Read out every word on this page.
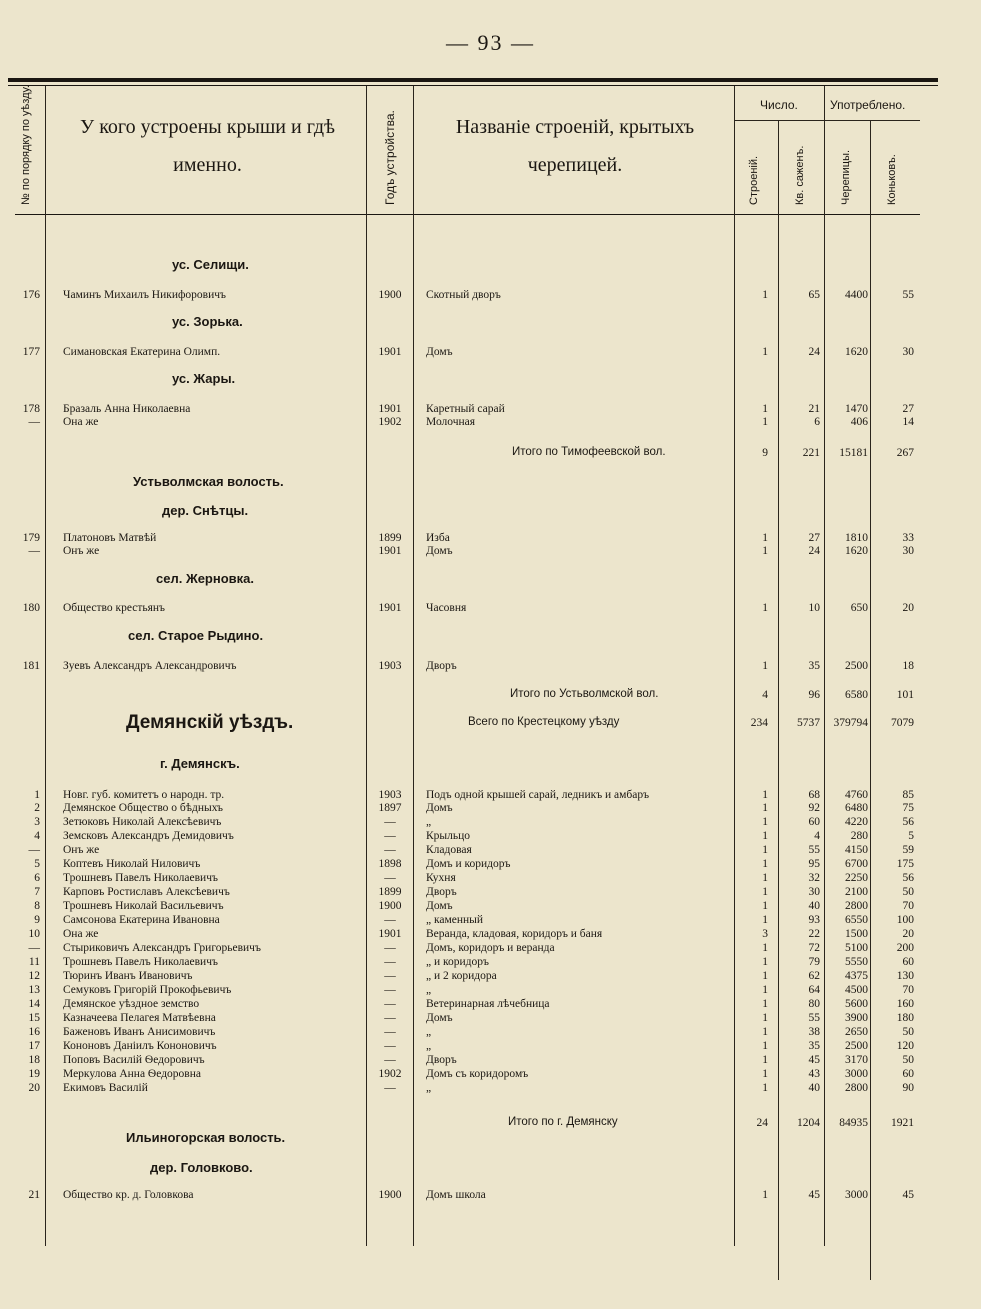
— 93 —
№ по порядку по уѣзду.	У кого устроены крыши и гдѣ именно.	Годъ устройства.	Названіе строеній, крытыхъ черепицей.
Число.	Употреблено.
Строеній.	Кв. саженъ.	Черепицы.	Коньковъ.
ус. Селищи.
ус. Зорька.
ус. Жары.
Устьволмская волость.
дер. Снѣтцы.
сел. Жерновка.
сел. Старое Рыдино.
Демянскій уѣздъ.
г. Демянскъ.
Ильиногорская волость.
дер. Головково.
176 Чаминъ Михаилъ Никифоровичъ	1900	Скотный дворъ	1	65	4400	55
177 Симановская Екатерина Олимп.	1901	Домъ	1	24	1620	30
178 Бразаль Анна Николаевна	1901	Каретный сарай	1	21	1470	27
— Она же	1902	Молочная	1	6	406	14
179 Платоновъ Матвѣй	1899	Изба	1	27	1810	33
— Онъ же	1901	Домъ	1	24	1620	30
180 Общество крестьянъ	1901	Часовня	1	10	650	20
181 Зуевъ Александръ Александровичъ	1903	Дворъ	1	35	2500	18
1 Новг. губ. комитетъ о народн. тр.	1903	Подъ одной крышей сарай, ледникъ и амбаръ	1	68	4760	85
2 Демянское Общество о бѣдныхъ	1897	Домъ	1	92	6480	75
3 Зетюковъ Николай Алексѣевичъ	—	„	1	60	4220	56
4 Земсковъ Александръ Демидовичъ	—	Крыльцо	1	4	280	5
— Онъ же	—	Кладовая	1	55	4150	59
5 Коптевъ Николай Ниловичъ	1898	Домъ и коридоръ	1	95	6700	175
6 Трошневъ Павелъ Николаевичъ	—	Кухня	1	32	2250	56
7 Карповъ Ростиславъ Алексѣевичъ	1899	Дворъ	1	30	2100	50
8 Трошневъ Николай Васильевичъ	1900	Домъ	1	40	2800	70
9 Самсонова Екатерина Ивановна	—	„ каменный	1	93	6550	100
10 Она же	1901	Веранда, кладовая, коридоръ и баня	3	22	1500	20
— Стыриковичъ Александръ Григорьевичъ	—	Домъ, коридоръ и веранда	1	72	5100	200
11 Трошневъ Павелъ Николаевичъ	—	„ и коридоръ	1	79	5550	60
12 Тюринъ Иванъ Ивановичъ	—	„ и 2 коридора	1	62	4375	130
13 Семуковъ Григорій Прокофьевичъ	—	„	1	64	4500	70
14 Демянское уѣздное земство	—	Ветеринарная лѣчебница	1	80	5600	160
15 Казначеева Пелагея Матвѣевна	—	Домъ	1	55	3900	180
16 Баженовъ Иванъ Анисимовичъ	—	„	1	38	2650	50
17 Кононовъ Даніилъ Кононовичъ	—	„	1	35	2500	120
18 Поповъ Василій Ѳедоровичъ	—	Дворъ	1	45	3170	50
19 Меркулова Анна Ѳедоровна	1902	Домъ съ коридоромъ	1	43	3000	60
20 Екимовъ Василій	—	„	1	40	2800	90
21 Общество кр. д. Головкова	1900	Домъ школа	1	45	3000	45
Итого по Тимофеевской вол.	9	221	15181	267
Итого по Устьволмской вол.	4	96	6580	101
Всего по Крестецкому уѣзду	234	5737	379794	7079
Итого по г. Демянску	24	1204	84935	1921
